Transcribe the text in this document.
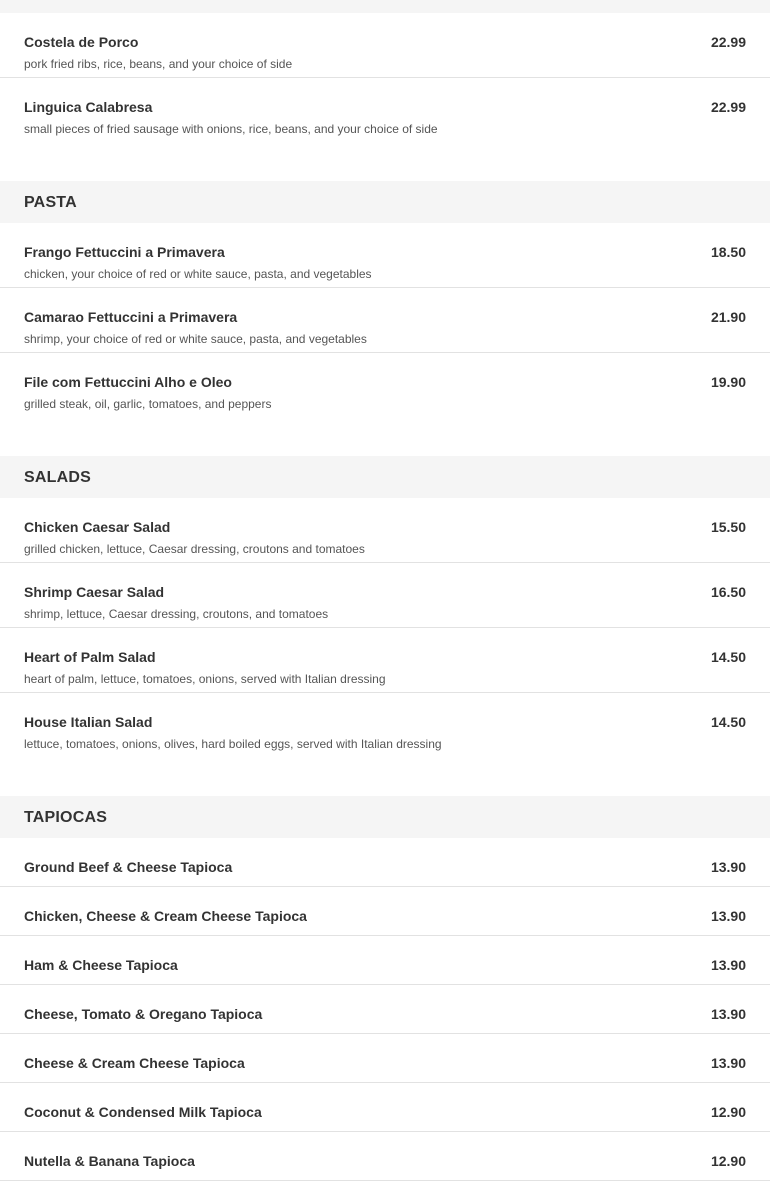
Costela de Porco
pork fried ribs, rice, beans, and your choice of side
22.99
Linguica Calabresa
small pieces of fried sausage with onions, rice, beans, and your choice of side
22.99
PASTA
Frango Fettuccini a Primavera
chicken, your choice of red or white sauce, pasta, and vegetables
18.50
Camarao Fettuccini a Primavera
shrimp, your choice of red or white sauce, pasta, and vegetables
21.90
File com Fettuccini Alho e Oleo
grilled steak, oil, garlic, tomatoes, and peppers
19.90
SALADS
Chicken Caesar Salad
grilled chicken, lettuce, Caesar dressing, croutons and tomatoes
15.50
Shrimp Caesar Salad
shrimp, lettuce, Caesar dressing, croutons, and tomatoes
16.50
Heart of Palm Salad
heart of palm, lettuce, tomatoes, onions, served with Italian dressing
14.50
House Italian Salad
lettuce, tomatoes, onions, olives, hard boiled eggs, served with Italian dressing
14.50
TAPIOCAS
Ground Beef & Cheese Tapioca	13.90
Chicken, Cheese & Cream Cheese Tapioca	13.90
Ham & Cheese Tapioca	13.90
Cheese, Tomato & Oregano Tapioca	13.90
Cheese & Cream Cheese Tapioca	13.90
Coconut & Condensed Milk Tapioca	12.90
Nutella & Banana Tapioca	12.90
